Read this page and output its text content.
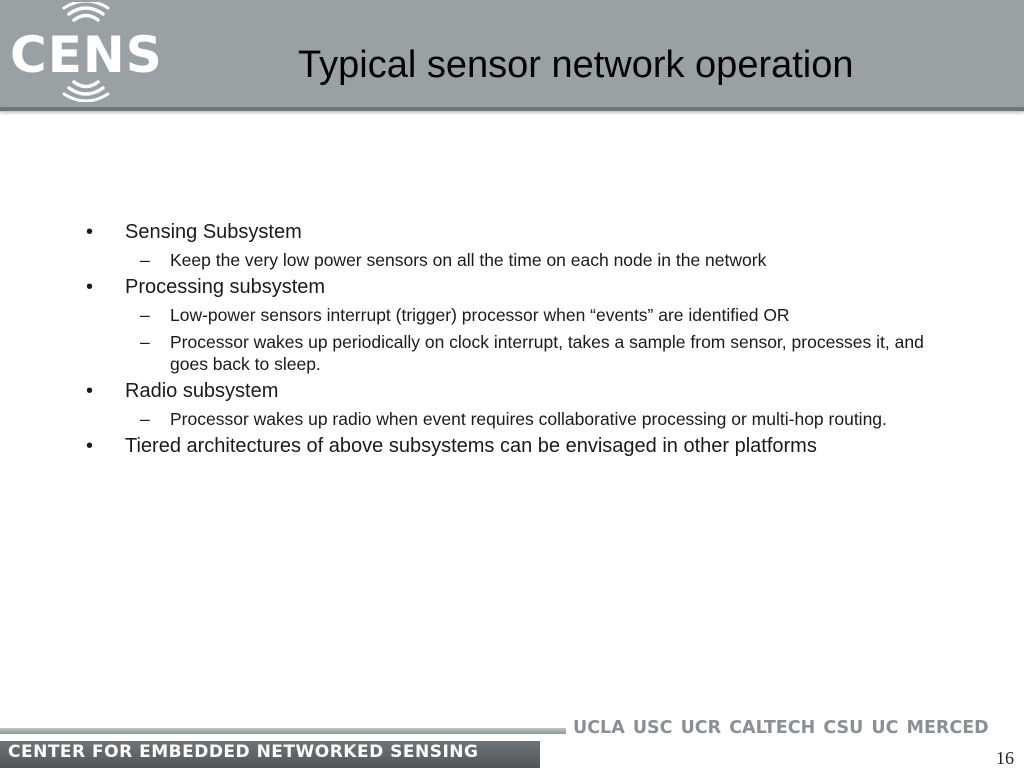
CENS	Typical sensor network operation
• Sensing Subsystem
– Keep the very low power sensors on all the time on each node in the network
• Processing subsystem
– Low-power sensors interrupt (trigger) processor when “events” are identified OR
– Processor wakes up periodically on clock interrupt, takes a sample from sensor, processes it, and goes back to sleep.
• Radio subsystem
– Processor wakes up radio when event requires collaborative processing or multi-hop routing.
• Tiered architectures of above subsystems can be envisaged in other platforms
UCLA USC UCR CALTECH CSU UC MERCED
CENTER FOR EMBEDDED NETWORKED SENSING	16
